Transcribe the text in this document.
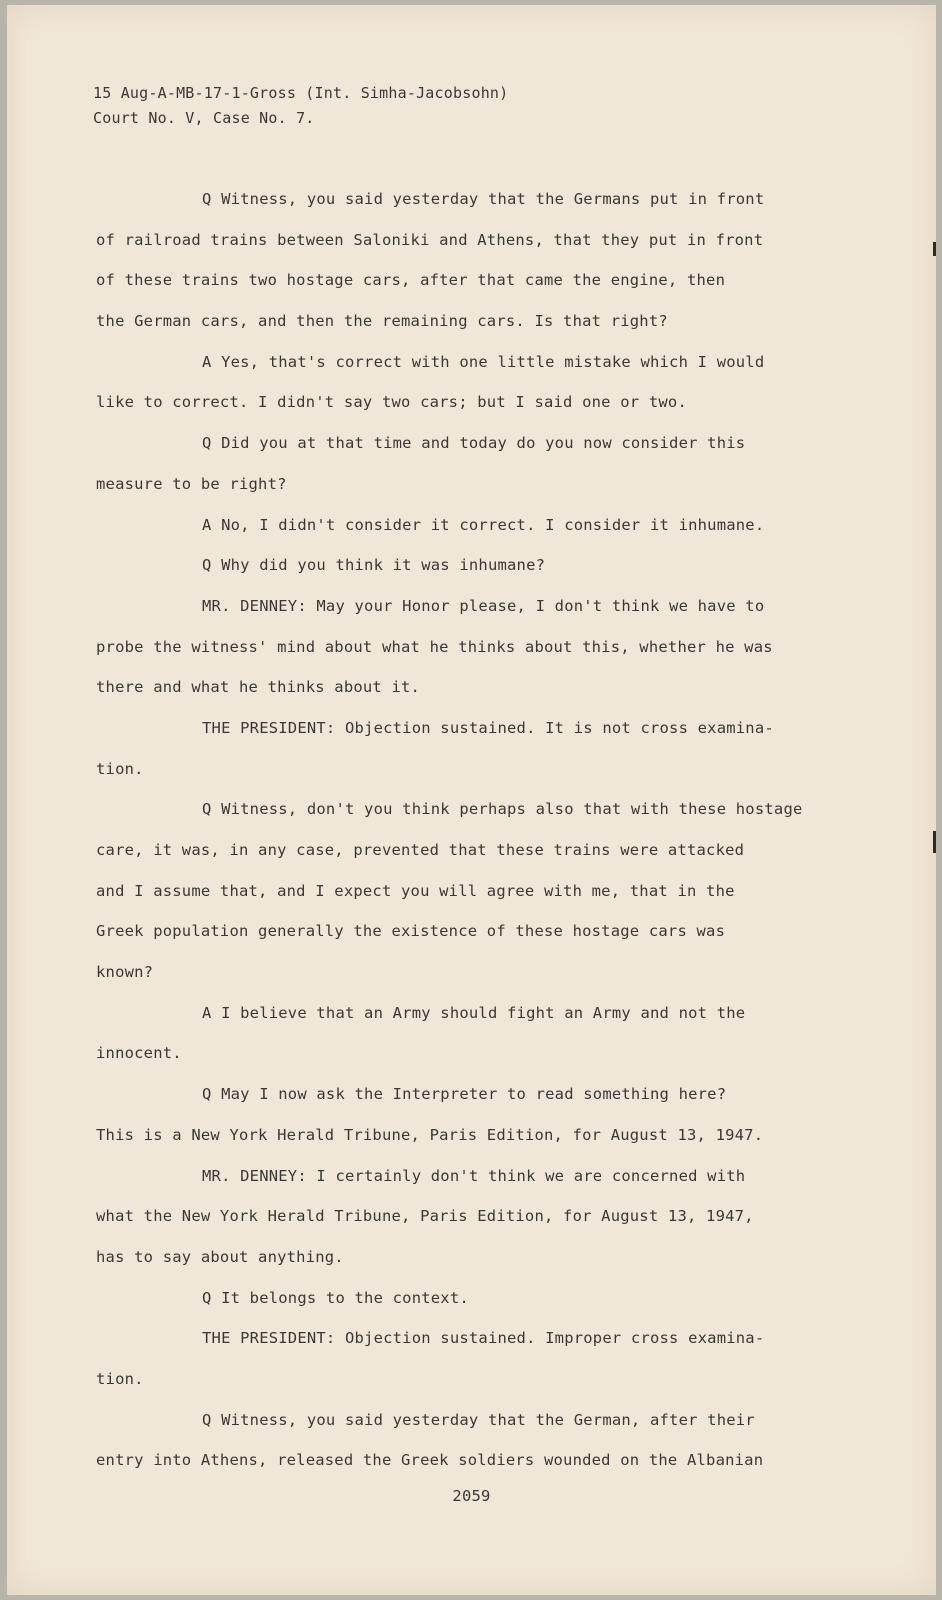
15 Aug-A-MB-17-1-Gross (Int. Simha-Jacobsohn)
Court No. V, Case No. 7.
Q Witness, you said yesterday that the Germans put in front
of railroad trains between Saloniki and Athens, that they put in front
of these trains two hostage cars, after that came the engine, then
the German cars, and then the remaining cars. Is that right?
A Yes, that's correct with one little mistake which I would
like to correct. I didn't say two cars; but I said one or two.
Q Did you at that time and today do you now consider this
measure to be right?
A No, I didn't consider it correct. I consider it inhumane.
Q Why did you think it was inhumane?
MR. DENNEY: May your Honor please, I don't think we have to
probe the witness' mind about what he thinks about this, whether he was
there and what he thinks about it.
THE PRESIDENT: Objection sustained. It is not cross examina-
tion.
Q Witness, don't you think perhaps also that with these hostage
care, it was, in any case, prevented that these trains were attacked
and I assume that, and I expect you will agree with me, that in the
Greek population generally the existence of these hostage cars was
known?
A I believe that an Army should fight an Army and not the
innocent.
Q May I now ask the Interpreter to read something here?
This is a New York Herald Tribune, Paris Edition, for August 13, 1947.
MR. DENNEY: I certainly don't think we are concerned with
what the New York Herald Tribune, Paris Edition, for August 13, 1947,
has to say about anything.
Q It belongs to the context.
THE PRESIDENT: Objection sustained. Improper cross examina-
tion.
Q Witness, you said yesterday that the German, after their
entry into Athens, released the Greek soldiers wounded on the Albanian
2059
